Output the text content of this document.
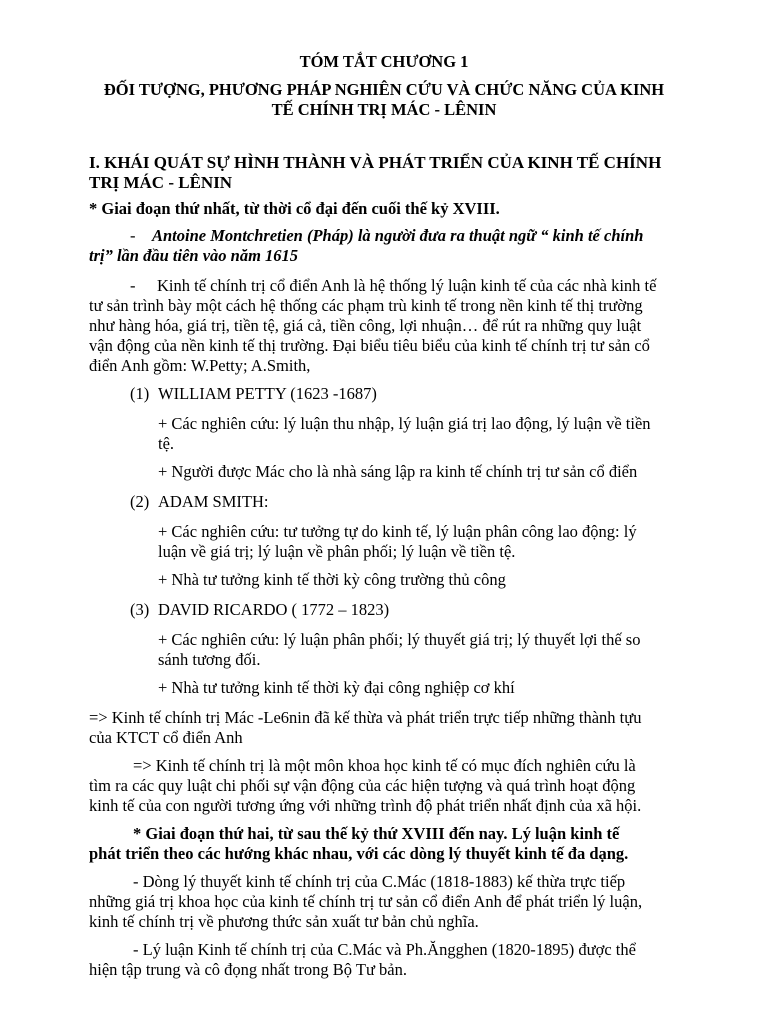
TÓM TẮT CHƯƠNG 1
ĐỐI TƯỢNG, PHƯƠNG PHÁP NGHIÊN CỨU VÀ CHỨC NĂNG CỦA KINH
TẾ CHÍNH TRỊ MÁC - LÊNIN
I. KHÁI QUÁT SỰ HÌNH THÀNH VÀ PHÁT TRIỂN CỦA KINH TẾ CHÍNH
TRỊ MÁC - LÊNIN
* Giai đoạn thứ nhất, từ thời cổ đại đến cuối thế kỷ XVIII.
- Antoine Montchretien (Pháp) là người đưa ra thuật ngữ “ kinh tế chính
trị” lần đầu tiên vào năm 1615
- Kinh tế chính trị cổ điển Anh là hệ thống lý luận kinh tế của các nhà kinh tế
tư sản trình bày một cách hệ thống các phạm trù kinh tế trong nền kinh tế thị trường
như hàng hóa, giá trị, tiền tệ, giá cả, tiền công, lợi nhuận… để rút ra những quy luật
vận động của nền kinh tế thị trường. Đại biểu tiêu biểu của kinh tế chính trị tư sản cổ
điển Anh gồm: W.Petty; A.Smith,
(1) WILLIAM PETTY (1623 -1687)
+ Các nghiên cứu: lý luận thu nhập, lý luận giá trị lao động, lý luận về tiền
tệ.
+ Người được Mác cho là nhà sáng lập ra kinh tế chính trị tư sản cổ điển
(2) ADAM SMITH:
+ Các nghiên cứu: tư tưởng tự do kinh tế, lý luận phân công lao động: lý
luận về giá trị; lý luận về phân phối; lý luận về tiền tệ.
+ Nhà tư tưởng kinh tế thời kỳ công trường thủ công
(3) DAVID RICARDO ( 1772 – 1823)
+ Các nghiên cứu: lý luận phân phối; lý thuyết giá trị; lý thuyết lợi thế so
sánh tương đối.
+ Nhà tư tưởng kinh tế thời kỳ đại công nghiệp cơ khí
=> Kinh tế chính trị Mác -Le6nin đã kế thừa và phát triển trực tiếp những thành tựu
của KTCT cổ điển Anh
=> Kinh tế chính trị là một môn khoa học kinh tế có mục đích nghiên cứu là
tìm ra các quy luật chi phối sự vận động của các hiện tượng và quá trình hoạt động
kinh tế của con người tương ứng với những trình độ phát triển nhất định của xã hội.
* Giai đoạn thứ hai, từ sau thế kỷ thứ XVIII đến nay. Lý luận kinh tế
phát triển theo các hướng khác nhau, với các dòng lý thuyết kinh tế đa dạng.
- Dòng lý thuyết kinh tế chính trị của C.Mác (1818-1883) kế thừa trực tiếp
những giá trị khoa học của kinh tế chính trị tư sản cổ điển Anh để phát triển lý luận,
kinh tế chính trị về phương thức sản xuất tư bản chủ nghĩa.
- Lý luận Kinh tế chính trị của C.Mác và Ph.Ăngghen (1820-1895) được thể
hiện tập trung và cô đọng nhất trong Bộ Tư bản.
